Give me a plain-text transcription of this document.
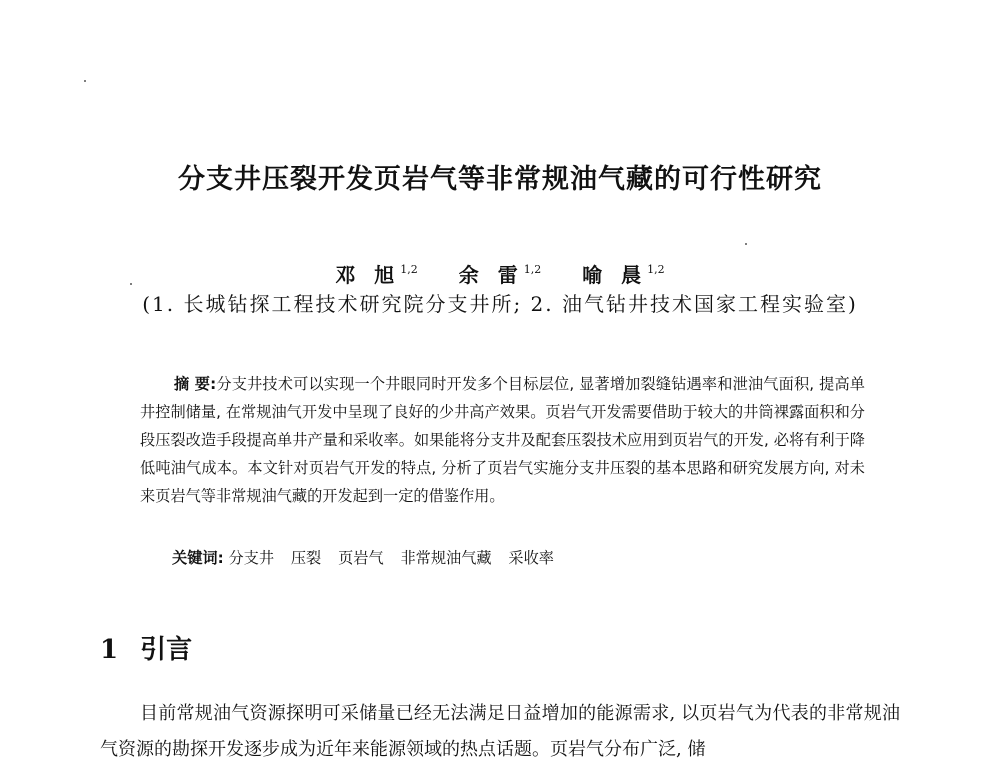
分支井压裂开发页岩气等非常规油气藏的可行性研究
邓 旭$^{1,2}$ 余 雷$^{1,2}$ 喻 晨$^{1,2}$
(1. 长城钻探工程技术研究院分支井所; 2. 油气钻井技术国家工程实验室)
摘 要:分支井技术可以实现一个井眼同时开发多个目标层位, 显著增加裂缝钻遇率和泄油气面积, 提高单井控制储量, 在常规油气开发中呈现了良好的少井高产效果。页岩气开发需要借助于较大的井筒裸露面积和分段压裂改造手段提高单井产量和采收率。如果能将分支井及配套压裂技术应用到页岩气的开发, 必将有利于降低吨油气成本。本文针对页岩气开发的特点, 分析了页岩气实施分支井压裂的基本思路和研究发展方向, 对未来页岩气等非常规油气藏的开发起到一定的借鉴作用。
关键词: 分支井 压裂 页岩气 非常规油气藏 采收率
1 引言
目前常规油气资源探明可采储量已经无法满足日益增加的能源需求, 以页岩气为代表的非常规油气资源的勘探开发逐步成为近年来能源领域的热点话题。页岩气分布广泛, 储
